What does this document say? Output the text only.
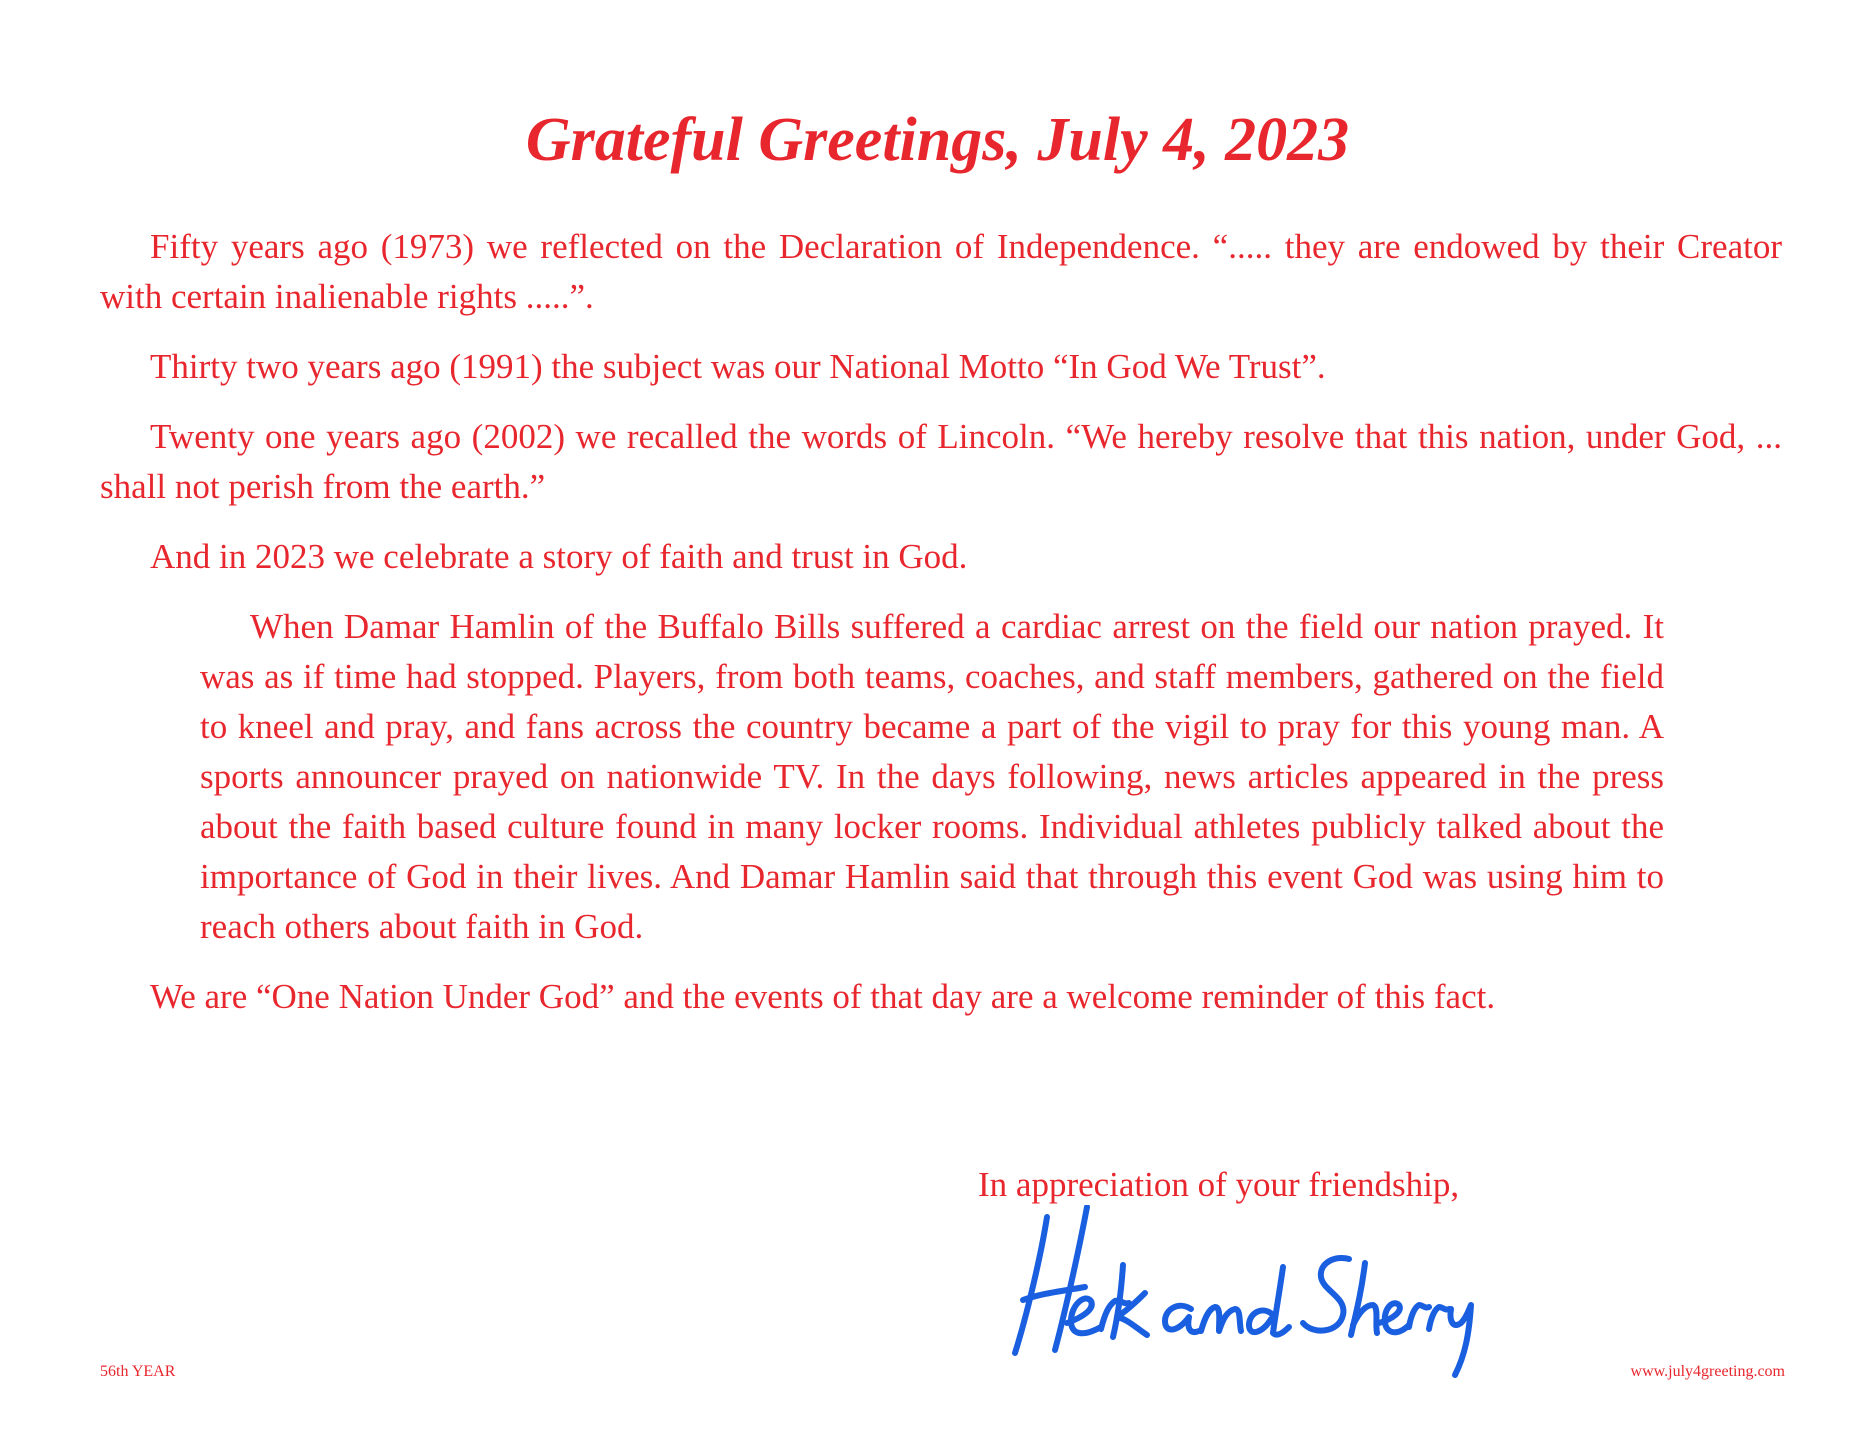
Grateful Greetings, July 4, 2023

Fifty years ago (1973) we reflected on the Declaration of Independence. “..... they are endowed by their Creator with certain inalienable rights .....”.

Thirty two years ago (1991) the subject was our National Motto “In God We Trust”.

Twenty one years ago (2002) we recalled the words of Lincoln. “We hereby resolve that this nation, under God, ... shall not perish from the earth.”

And in 2023 we celebrate a story of faith and trust in God.

When Damar Hamlin of the Buffalo Bills suffered a cardiac arrest on the field our nation prayed. It was as if time had stopped. Players, from both teams, coaches, and staff members, gathered on the field to kneel and pray, and fans across the country became a part of the vigil to pray for this young man. A sports announcer prayed on nationwide TV. In the days following, news articles appeared in the press about the faith based culture found in many locker rooms. Individual athletes publicly talked about the importance of God in their lives. And Damar Hamlin said that through this event God was using him to reach others about faith in God.

We are “One Nation Under God” and the events of that day are a welcome reminder of this fact.

In appreciation of your friendship,
56th YEAR	www.july4greeting.com
